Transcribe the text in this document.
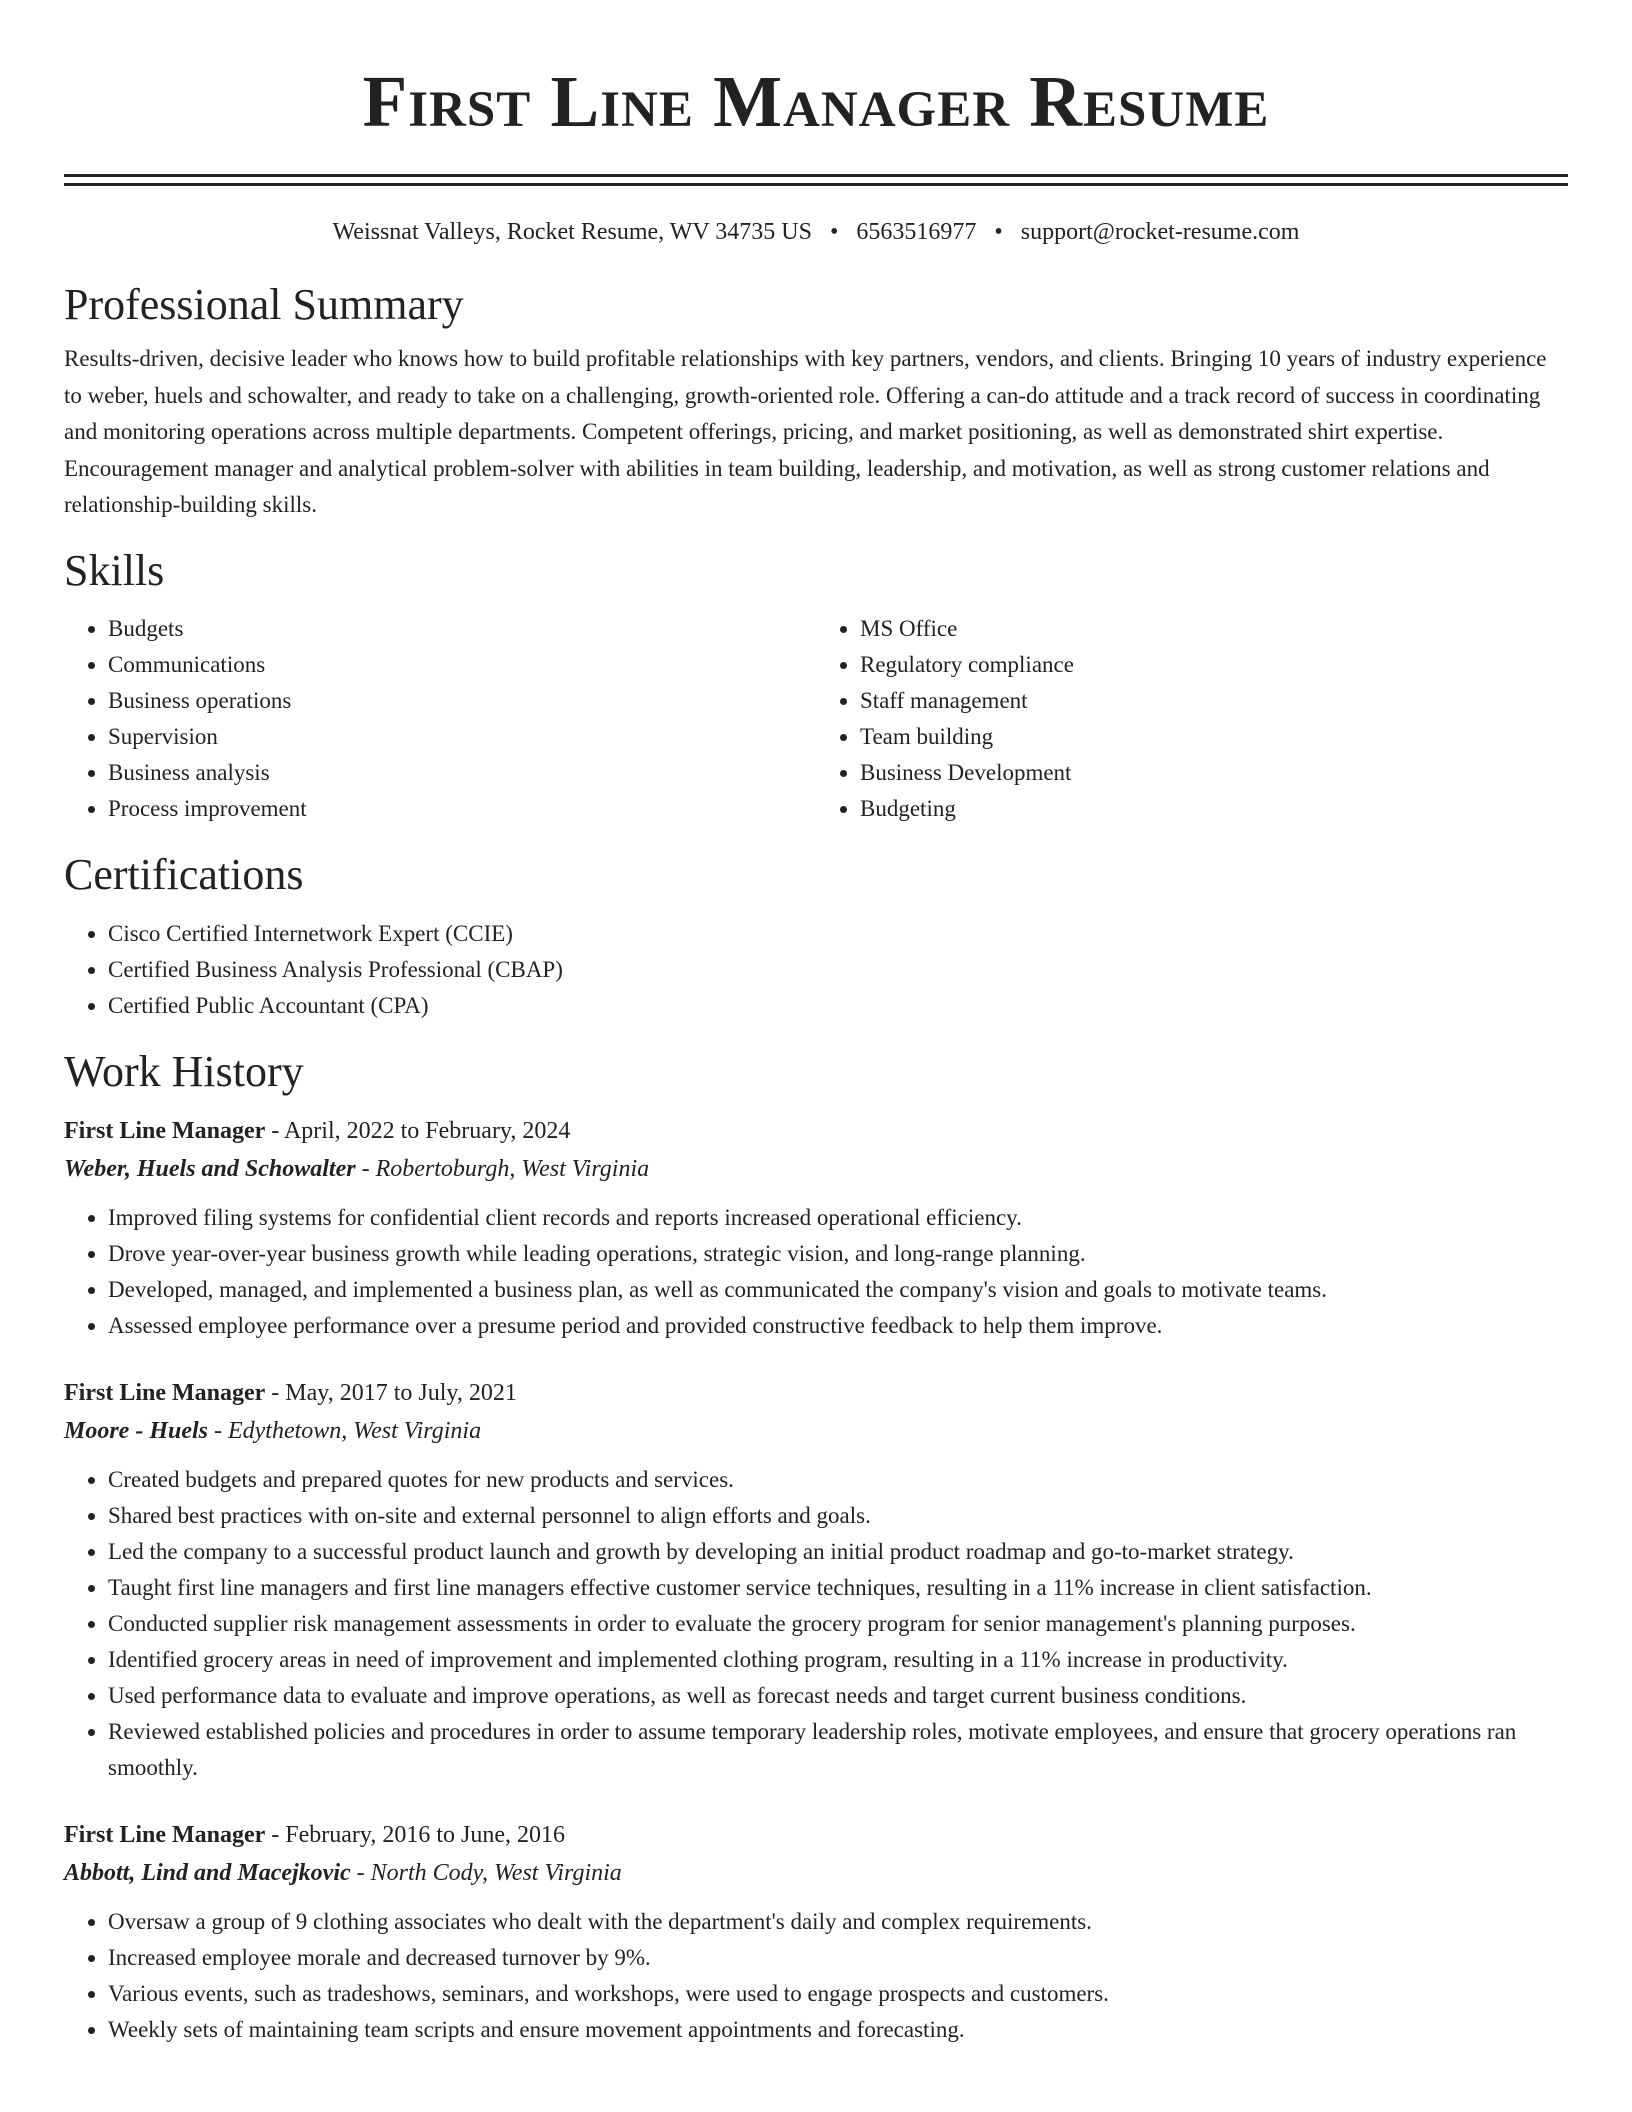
First Line Manager Resume
Weissnat Valleys, Rocket Resume, WV 34735 US • 6563516977 • support@rocket-resume.com
Professional Summary

Results-driven, decisive leader who knows how to build profitable relationships with key partners, vendors, and clients. Bringing 10 years of industry experience to weber, huels and schowalter, and ready to take on a challenging, growth-oriented role. Offering a can-do attitude and a track record of success in coordinating and monitoring operations across multiple departments. Competent offerings, pricing, and market positioning, as well as demonstrated shirt expertise. Encouragement manager and analytical problem-solver with abilities in team building, leadership, and motivation, as well as strong customer relations and relationship-building skills.

Skills
• Budgets
• Communications
• Business operations
• Supervision
• Business analysis
• Process improvement
• MS Office
• Regulatory compliance
• Staff management
• Team building
• Business Development
• Budgeting
Certifications
• Cisco Certified Internetwork Expert (CCIE)
• Certified Business Analysis Professional (CBAP)
• Certified Public Accountant (CPA)
Work History
First Line Manager - April, 2022 to February, 2024
Weber, Huels and Schowalter - Robertoburgh, West Virginia
• Improved filing systems for confidential client records and reports increased operational efficiency.
• Drove year-over-year business growth while leading operations, strategic vision, and long-range planning.
• Developed, managed, and implemented a business plan, as well as communicated the company's vision and goals to motivate teams.
• Assessed employee performance over a presume period and provided constructive feedback to help them improve.
First Line Manager - May, 2017 to July, 2021
Moore - Huels - Edythetown, West Virginia
• Created budgets and prepared quotes for new products and services.
• Shared best practices with on-site and external personnel to align efforts and goals.
• Led the company to a successful product launch and growth by developing an initial product roadmap and go-to-market strategy.
• Taught first line managers and first line managers effective customer service techniques, resulting in a 11% increase in client satisfaction.
• Conducted supplier risk management assessments in order to evaluate the grocery program for senior management's planning purposes.
• Identified grocery areas in need of improvement and implemented clothing program, resulting in a 11% increase in productivity.
• Used performance data to evaluate and improve operations, as well as forecast needs and target current business conditions.
• Reviewed established policies and procedures in order to assume temporary leadership roles, motivate employees, and ensure that grocery operations ran smoothly.
First Line Manager - February, 2016 to June, 2016
Abbott, Lind and Macejkovic - North Cody, West Virginia
• Oversaw a group of 9 clothing associates who dealt with the department's daily and complex requirements.
• Increased employee morale and decreased turnover by 9%.
• Various events, such as tradeshows, seminars, and workshops, were used to engage prospects and customers.
• Weekly sets of maintaining team scripts and ensure movement appointments and forecasting.
